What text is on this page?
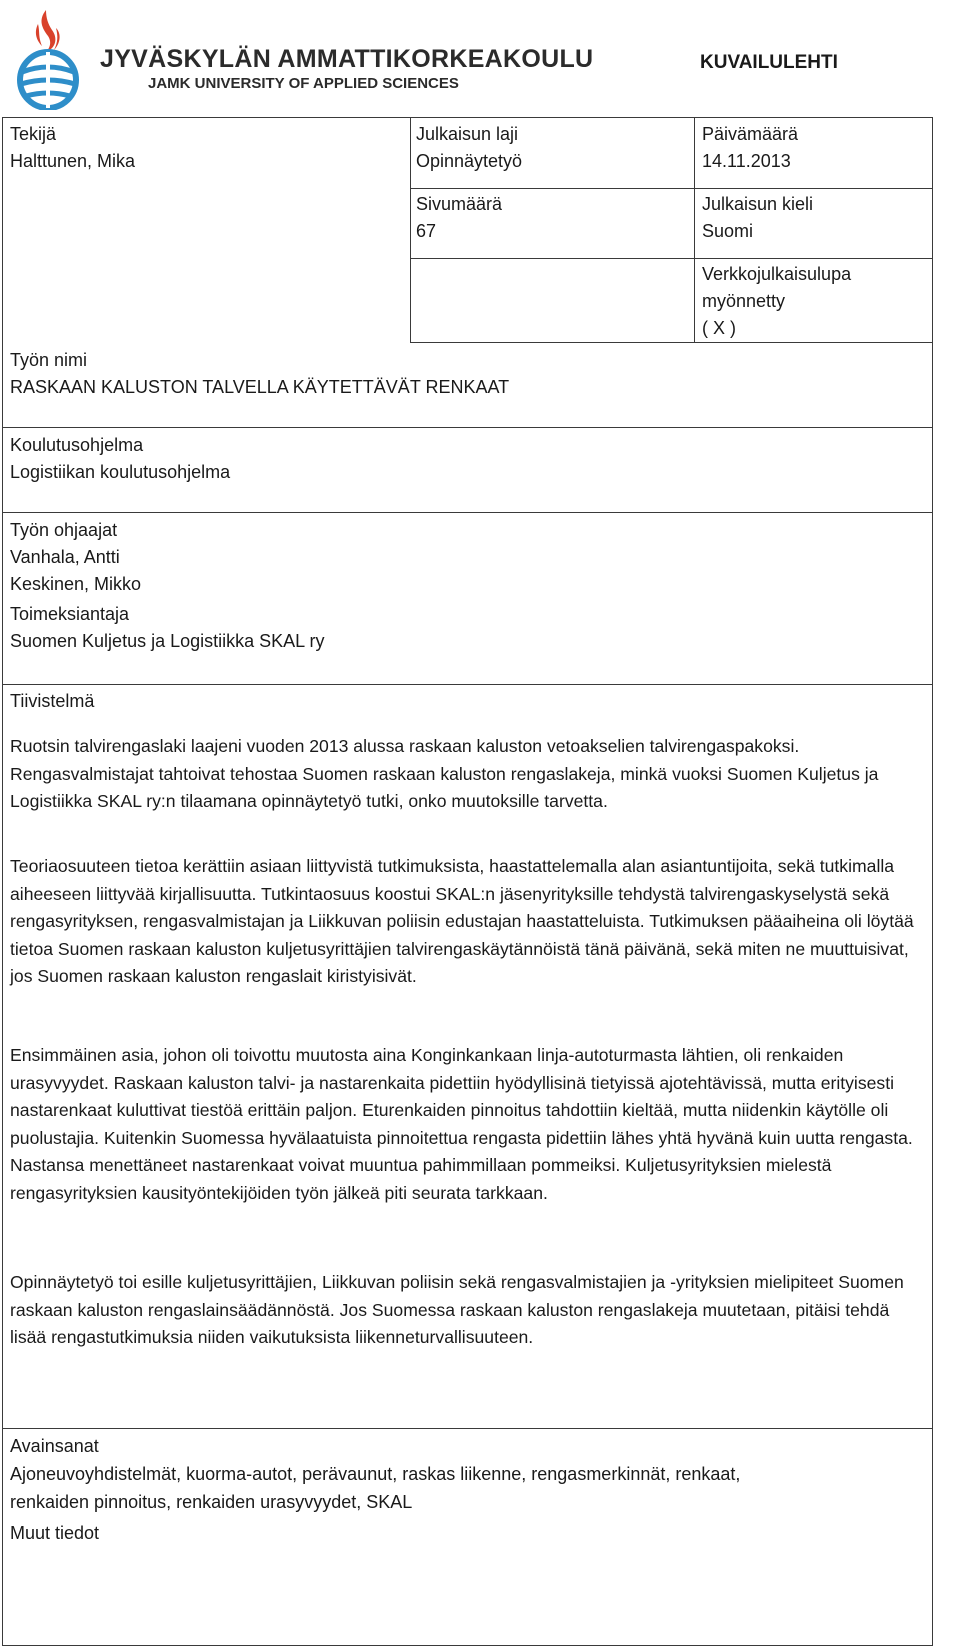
JYVÄSKYLÄN AMMATTIKORKEAKOULU
JAMK UNIVERSITY OF APPLIED SCIENCES
KUVAILULEHTI
Tekijä
Halttunen, Mika
Julkaisun laji
Opinnäytetyö
Päivämäärä
14.11.2013
Sivumäärä
67
Julkaisun kieli
Suomi
Verkkojulkaisulupa
myönnetty
( X )
Työn nimi
RASKAAN KALUSTON TALVELLA KÄYTETTÄVÄT RENKAAT
Koulutusohjelma
Logistiikan koulutusohjelma
Työn ohjaajat
Vanhala, Antti
Keskinen, Mikko
Toimeksiantaja
Suomen Kuljetus ja Logistiikka SKAL ry
Tiivistelmä
Ruotsin talvirengaslaki laajeni vuoden 2013 alussa raskaan kaluston vetoakselien talvirengaspakoksi. Rengasvalmistajat tahtoivat tehostaa Suomen raskaan kaluston rengaslakeja, minkä vuoksi Suomen Kuljetus ja Logistiikka SKAL ry:n tilaamana opinnäytetyö tutki, onko muutoksille tarvetta.
Teoriaosuuteen tietoa kerättiin asiaan liittyvistä tutkimuksista, haastattelemalla alan asiantuntijoita, sekä tutkimalla aiheeseen liittyvää kirjallisuutta. Tutkintaosuus koostui SKAL:n jäsenyrityksille tehdystä talvirengaskyselystä sekä rengasyrityksen, rengasvalmistajan ja Liikkuvan poliisin edustajan haastatteluista. Tutkimuksen pääaiheina oli löytää tietoa Suomen raskaan kaluston kuljetusyrittäjien talvirengaskäytännöistä tänä päivänä, sekä miten ne muuttuisivat, jos Suomen raskaan kaluston rengaslait kiristyisivät.
Ensimmäinen asia, johon oli toivottu muutosta aina Konginkankaan linja-autoturmasta lähtien, oli renkaiden urasyvyydet. Raskaan kaluston talvi- ja nastarenkaita pidettiin hyödyllisinä tietyissä ajotehtävissä, mutta erityisesti nastarenkaat kuluttivat tiestöä erittäin paljon. Eturenkaiden pinnoitus tahdottiin kieltää, mutta niidenkin käytölle oli puolustajia. Kuitenkin Suomessa hyvälaatuista pinnoitettua rengasta pidettiin lähes yhtä hyvänä kuin uutta rengasta. Nastansa menettäneet nastarenkaat voivat muuntua pahimmillaan pommeiksi. Kuljetusyrityksien mielestä rengasyrityksien kausityöntekijöiden työn jälkeä piti seurata tarkkaan.
Opinnäytetyö toi esille kuljetusyrittäjien, Liikkuvan poliisin sekä rengasvalmistajien ja -yrityksien mielipiteet Suomen raskaan kaluston rengaslainsäädännöstä. Jos Suomessa raskaan kaluston rengaslakeja muutetaan, pitäisi tehdä lisää rengastutkimuksia niiden vaikutuksista liikenneturvallisuuteen.
Avainsanat
Ajoneuvoyhdistelmät, kuorma-autot, perävaunut, raskas liikenne, rengasmerkinnät, renkaat,
renkaiden pinnoitus, renkaiden urasyvyydet, SKAL
Muut tiedot
